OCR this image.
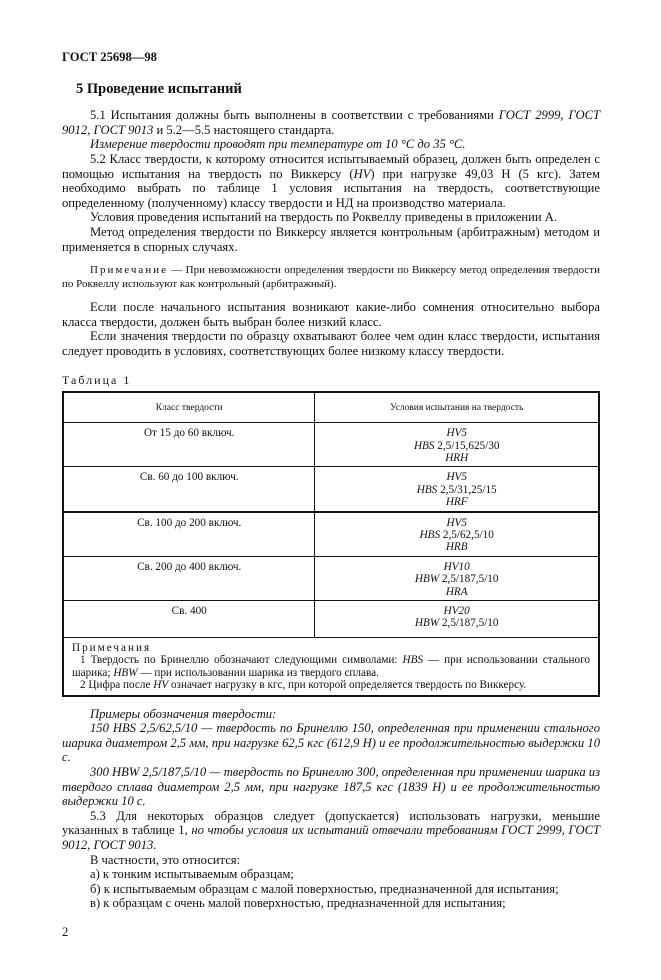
ГОСТ 25698—98
5 Проведение испытаний

5.1 Испытания должны быть выполнены в соответствии с требованиями ГОСТ 2999, ГОСТ 9012, ГОСТ 9013 и 5.2—5.5 настоящего стандарта.

Измерение твердости проводят при температуре от 10 °С до 35 °С.

5.2 Класс твердости, к которому относится испытываемый образец, должен быть определен с помощью испытания на твердость по Виккерсу (HV) при нагрузке 49,03 Н (5 кгс). Затем необходимо выбрать по таблице 1 условия испытания на твердость, соответствующие определенному (полученному) классу твердости и НД на производство материала.

Условия проведения испытаний на твердость по Роквеллу приведены в приложении А.

Метод определения твердости по Виккерсу является контрольным (арбитражным) методом и применяется в спорных случаях.

Примечание — При невозможности определения твердости по Виккерсу метод определения твердости по Роквеллу используют как контрольный (арбитражный).

Если после начального испытания возникают какие-либо сомнения относительно выбора класса твердости, должен быть выбран более низкий класс.

Если значения твердости по образцу охватывают более чем один класс твердости, испытания следует проводить в условиях, соответствующих более низкому классу твердости.

Таблица 1
Класс твердости	Условия испытания на твердость
От 15 до 60 включ.	HV5
HBS 2,5/15,625/30
HRH
Св. 60 до 100 включ.	HV5
HBS 2,5/31,25/15
HRF
Св. 100 до 200 включ.	HV5
HBS 2,5/62,5/10
HRB
Св. 200 до 400 включ.	HV10
HBW 2,5/187,5/10
HRA
Св. 400	HV20
HBW 2,5/187,5/10

Примечания

1 Твердость по Бринеллю обозначают следующими символами: HBS — при использовании стального шарика; HBW — при использовании шарика из твердого сплава.

2 Цифра после HV означает нагрузку в кгс, при которой определяется твердость по Виккерсу.	

Примеры обозначения твердости:

150 HBS 2,5/62,5/10 — твердость по Бринеллю 150, определенная при применении стального шарика диаметром 2,5 мм, при нагрузке 62,5 кгс (612,9 Н) и ее продолжительностью выдержки 10 с.

300 HBW 2,5/187,5/10 — твердость по Бринеллю 300, определенная при применении шарика из твердого сплава диаметром 2,5 мм, при нагрузке 187,5 кгс (1839 Н) и ее продолжительностью выдержки 10 с.

5.3 Для некоторых образцов следует (допускается) использовать нагрузки, меньшие указанных в таблице 1, но чтобы условия их испытаний отвечали требованиям ГОСТ 2999, ГОСТ 9012, ГОСТ 9013.

В частности, это относится:

а) к тонким испытываемым образцам;

б) к испытываемым образцам с малой поверхностью, предназначенной для испытания;

в) к образцам с очень малой поверхностью, предназначенной для испытания;

2
